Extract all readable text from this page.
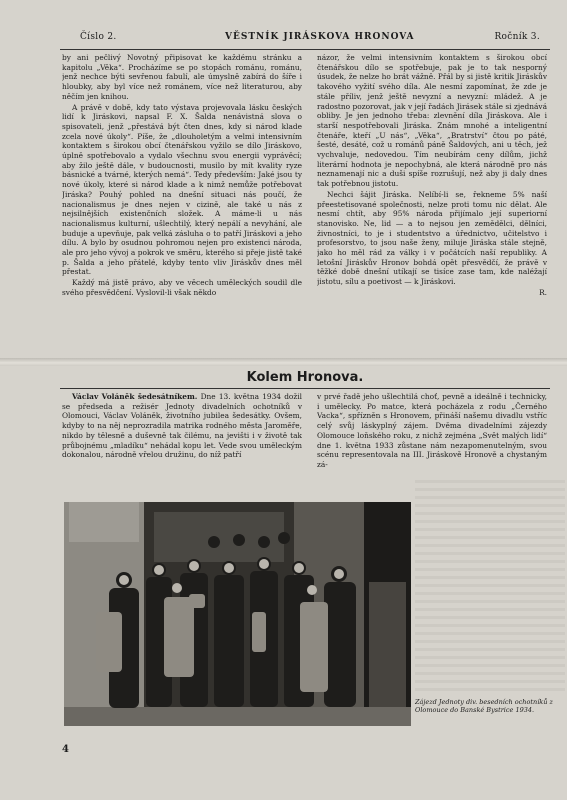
Číslo 2.	VĚSTNÍK JIRÁSKOVA HRONOVA	Ročník 3.

by ani pečlivý Novotný připisovat ke každému stránku a kapitolu „Věka“. Procházíme se po stopách románu, románu, jenž nechce býti sevřenou fabulí, ale úmyslně zabírá do šíře i hloubky, aby byl více než románem, více než literaturou, aby něčím jen knihou.

A právě v době, kdy tato výstava projevovala lásku českých lidí k Jiráskovi, napsal F. X. Šalda nenávistná slova o spisovateli, jenž „přestává být čten dnes, kdy si národ klade zcela nové úkoly“. Píše, že „dlouholetým a velmi intensivním kontaktem s širokou obcí čtenářskou vyžilo se dílo Jiráskovo, úplně spotřebovalo a vydalo všechnu svou energii vyprávěcí; aby žilo ještě dále, v budoucnosti, musilo by mít kvality ryze básnické a tvárné, kterých nemá“. Tedy především: Jaké jsou ty nové úkoly, které si národ klade a k nimž nemůže potřebovat Jiráska? Pouhý pohled na dnešní situaci nás poučí, že nacionalismus je dnes nejen v cizině, ale také u nás z nejsilnějších existenčních složek. A máme-li u nás nacionalismus kulturní, ušlechtilý, který nepálí a nevyhání, ale buduje a upevňuje, pak velká zásluha o to patří Jiráskovi a jeho dílu. A bylo by osudnou pohromou nejen pro existenci národa, ale pro jeho vývoj a pokrok ve směru, kterého si přeje jistě také p. Šalda a jeho přátelé, kdyby tento vliv Jiráskův dnes měl přestat.

Každý má jistě právo, aby ve věcech uměleckých soudil dle svého přesvědčení. Vyslovil-li však někdo

názor, že velmi intensivním kontaktem s širokou obcí čtenářskou dílo se spotřebuje, pak je to tak nesporný úsudek, že nelze ho brát vážně. Přál by si jistě kritik Jiráskův takového vyžití svého díla. Ale nesmí zapomínat, že zde je stále příliv, jenž ještě nevyzní a nevyzní: mládež. A je radostno pozorovat, jak v její řadách Jirásek stále si zjednává obliby. Je jen jednoho třeba: zlevnění díla Jiráskova. Ale i starší nespotřebovali Jiráska. Znám mnohé a inteligentní čtenáře, kteří „U nás“, „Věka“, „Bratrství“ čtou po páté, šesté, desáté, což u románů páně Šaldových, ani u těch, jež vychvaluje, nedovedou. Tím neubírám ceny dílům, jichž literární hodnota je nepochybná, ale která národně pro nás neznamenají nic a duši spíše rozrušují, než aby ji daly dnes tak potřebnou jistotu.

Nechci šájit Jiráska. Nelíbí-li se, řekneme 5% naší přeestetisované společnosti, nelze proti tomu nic dělat. Ale nesmí chtít, aby 95% národa přijímalo její superiorní stanovisko. Ne, lid — a to nejsou jen zemědělci, dělníci, živnostníci, to je i studentstvo a úřednictvo, učitelstvo i profesorstvo, to jsou naše ženy, miluje Jiráska stále stejně, jako ho měl rád za války i v počátcích naší republiky. A letošní Jiráskův Hronov bohdá opět přesvědčí, že právě v těžké době dnešní utíkají se tisíce zase tam, kde naléžají jistotu, sílu a poetivost — k Jiráskovi.

R.

Kolem Hronova.

Václav Voláněk šedesátníkem. Dne 13. května 1934 dožil se předseda a režisér Jednoty divadelních ochotníků v Olomouci, Václav Voláněk, životního jubilea šedesátky. Ovšem, kdyby to na něj neprozradila matrika rodného města Jaroměře, nikdo by tělesně a duševně tak čilému, na jevišti i v životě tak průbojnému „mladíku“ nehádal kopu let. Vede svou uměleckým dokonalou, národně vřelou družinu, do níž patří

v prvé řadě jeho ušlechtilá choť, pevně a ideálně i technicky, i umělecky. Po matce, která pocházela z rodu „Černého Vacka“, spřízněn s Hronovem, přináší našemu divadlu vstříc celý svůj láskyplný zájem. Dvěma divadelními zájezdy Olomouce loňského roku, z nichž zejména „Svět malých lidí“ dne 1. května 1933 zůstane nám nezapomenutelným, svou scénu representovala na III. Jiráskově Hronově a chystaným zá-

Zájezd Jednoty div. besedních ochotníků z Olomouce do Banské Bystrice 1934.
4
